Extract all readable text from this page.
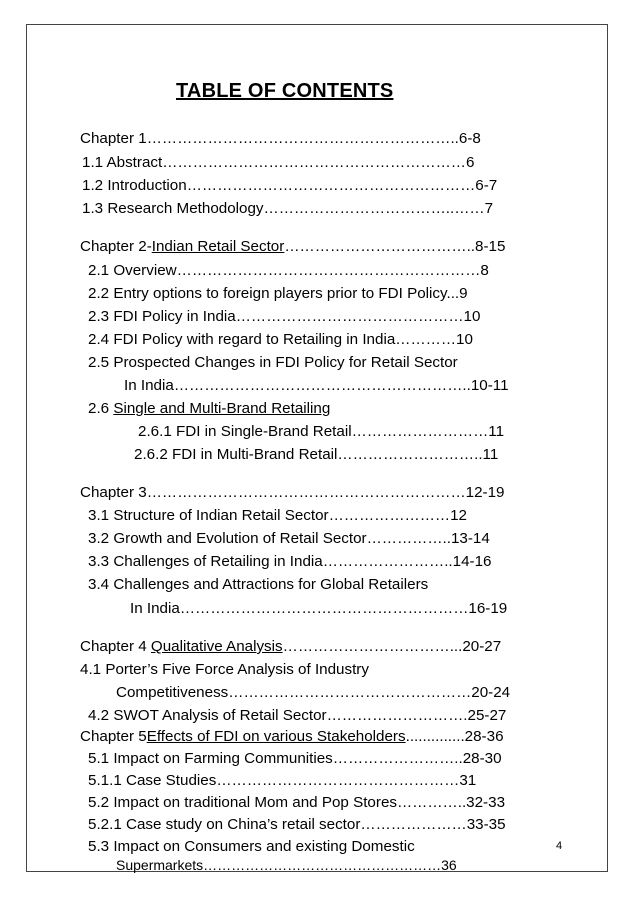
TABLE OF CONTENTS
Chapter 1……………………………………………………..6-8
1.1 Abstract……………………………………………………6
1.2 Introduction…………………………………………………6-7
1.3 Research Methodology………………………………..……7
Chapter 2-Indian Retail Sector………………………………..8-15
2.1 Overview……………………………………………………8
2.2 Entry options to foreign players prior to FDI Policy...9
2.3 FDI Policy in India………………………………………10
2.4 FDI Policy with regard to Retailing in India…………10
2.5 Prospected Changes in FDI Policy for Retail Sector
In India…………………………………………………..10-11
2.6 Single and Multi-Brand Retailing
2.6.1 FDI in Single-Brand Retail………………………11
2.6.2 FDI in Multi-Brand Retail………………………..11
Chapter 3………………………………………………………12-19
3.1 Structure of Indian Retail Sector……………………12
3.2 Growth and Evolution of Retail Sector……………..13-14
3.3 Challenges of Retailing in India……………………..14-16
3.4 Challenges and Attractions for Global Retailers
In India…………………………………………………16-19
Chapter 4 Qualitative Analysis……………………………...20-27
4.1 Porter’s Five Force Analysis of Industry
Competitiveness…………………………………………20-24
4.2 SWOT Analysis of Retail Sector……………………….25-27
Chapter 5Effects of FDI on various Stakeholders..............28-36
5.1 Impact on Farming Communities……………………..28-30
5.1.1 Case Studies…………………………………………31
5.2 Impact on traditional Mom and Pop Stores…………..32-33
5.2.1 Case study on China’s retail sector…………………33-35
5.3 Impact on Consumers and existing Domestic
Supermarkets……………………………………………36
4
